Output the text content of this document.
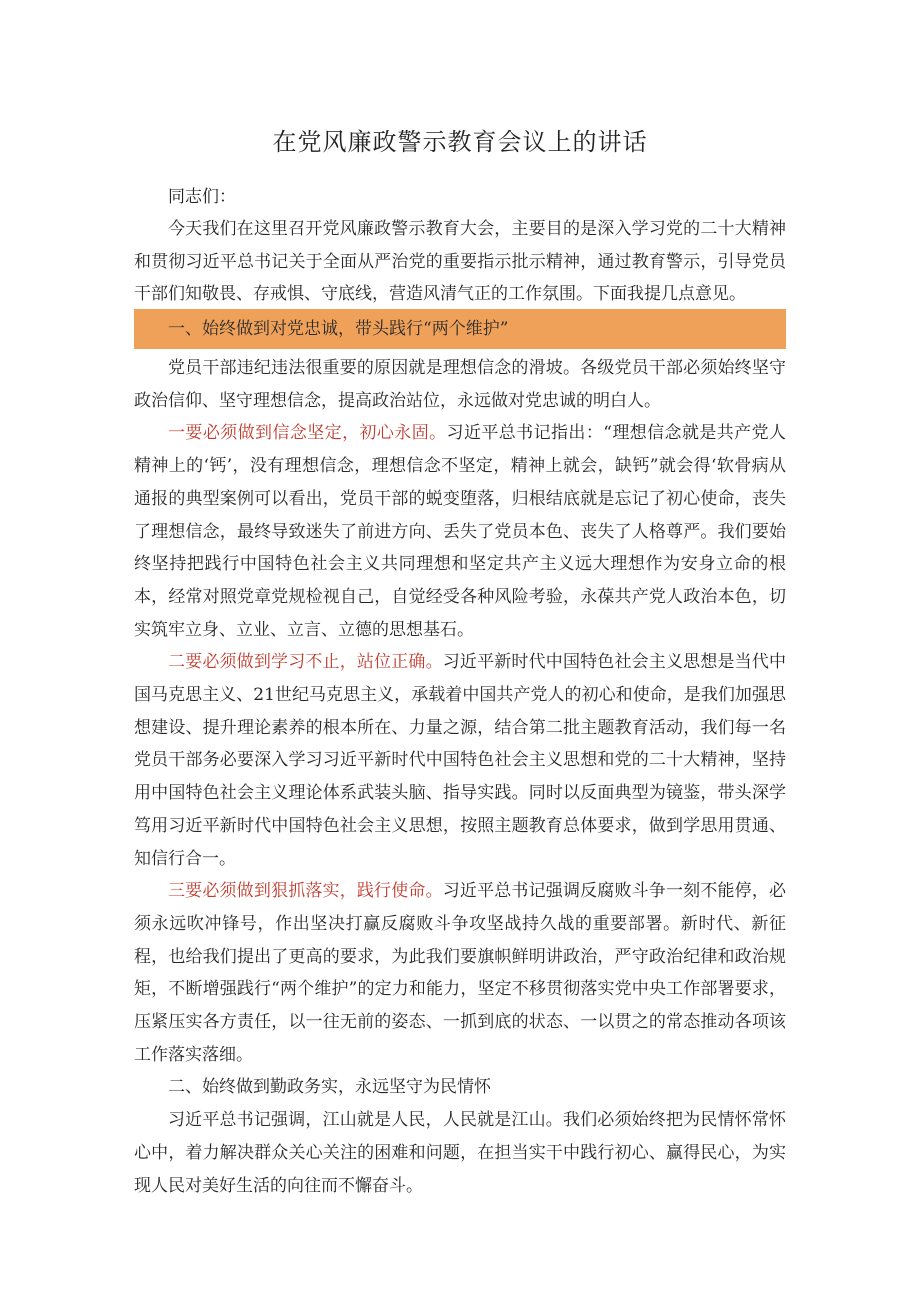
在党风廉政警示教育会议上的讲话

同志们：

今天我们在这里召开党风廉政警示教育大会，主要目的是深入学习党的二十大精神和贯彻习近平总书记关于全面从严治党的重要指示批示精神，通过教育警示，引导党员干部们知敬畏、存戒惧、守底线，营造风清气正的工作氛围。下面我提几点意见。

一、始终做到对党忠诚，带头践行“两个维护”

党员干部违纪违法很重要的原因就是理想信念的滑坡。各级党员干部必须始终坚守政治信仰、坚守理想信念，提高政治站位，永远做对党忠诚的明白人。

一要必须做到信念坚定，初心永固。习近平总书记指出：“理想信念就是共产党人精神上的‘钙’，没有理想信念，理想信念不坚定，精神上就会，缺钙”就会得‘软骨病从通报的典型案例可以看出，党员干部的蜕变堕落，归根结底就是忘记了初心使命，丧失了理想信念，最终导致迷失了前进方向、丢失了党员本色、丧失了人格尊严。我们要始终坚持把践行中国特色社会主义共同理想和坚定共产主义远大理想作为安身立命的根本，经常对照党章党规检视自己，自觉经受各种风险考验，永葆共产党人政治本色，切实筑牢立身、立业、立言、立德的思想基石。

二要必须做到学习不止，站位正确。习近平新时代中国特色社会主义思想是当代中国马克思主义、21世纪马克思主义，承载着中国共产党人的初心和使命，是我们加强思想建设、提升理论素养的根本所在、力量之源，结合第二批主题教育活动，我们每一名党员干部务必要深入学习习近平新时代中国特色社会主义思想和党的二十大精神，坚持用中国特色社会主义理论体系武装头脑、指导实践。同时以反面典型为镜鉴，带头深学笃用习近平新时代中国特色社会主义思想，按照主题教育总体要求，做到学思用贯通、知信行合一。

三要必须做到狠抓落实，践行使命。习近平总书记强调反腐败斗争一刻不能停，必须永远吹冲锋号，作出坚决打赢反腐败斗争攻坚战持久战的重要部署。新时代、新征程，也给我们提出了更高的要求，为此我们要旗帜鲜明讲政治，严守政治纪律和政治规矩，不断增强践行“两个维护”的定力和能力，坚定不移贯彻落实党中央工作部署要求，压紧压实各方责任，以一往无前的姿态、一抓到底的状态、一以贯之的常态推动各项该工作落实落细。

二、始终做到勤政务实，永远坚守为民情怀

习近平总书记强调，江山就是人民，人民就是江山。我们必须始终把为民情怀常怀心中，着力解决群众关心关注的困难和问题，在担当实干中践行初心、赢得民心，为实现人民对美好生活的向往而不懈奋斗。
